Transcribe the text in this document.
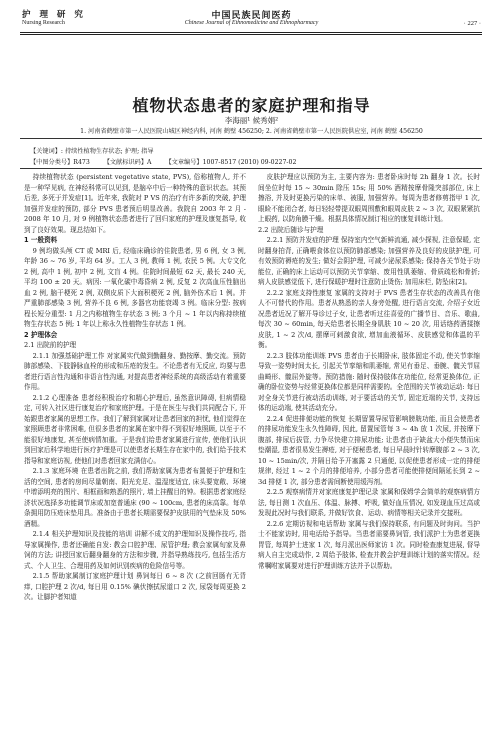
护 理 研 究
Nursing Research
中国民族民间医药
Chinese Journal of Ethnomedicine and Ethnopharmacy	· 227 ·
植物状态患者的家庭护理和指导
李海丽¹ 候秀娟²
1. 河南省鹤壁市第一人民医院山城区神经内科, 河南 鹤壁 456250; 2. 河南省鹤壁市第一人民医院供应室, 河南 鹤壁 456250
【关键词】: 持续性植物生存状态; 护理; 指导
【中图分类号】R473 【文献标识码】A 【文章编号】1007-8517 (2010) 09-0227-02

持续植物状态 (persistent vegetative state, PVS), 俗称植物人, 并不是一种罕见病, 在神经科常可以见到, 是脑卒中后一种特殊的意识状态。其预后差, 多死于并发症[1]。近年来, 我院对 P VS 的治疗有许多新的突破, 护理加强并发症的预防, 部分 PVS 患者预后明显改善。我院自 2003 年 2 月 - 2008 年 10 月, 对 9 例植物状态患者进行了回归家庭的护理及康复指导, 收到了良好效果。现总结如下。

1 一般资料

9 例均做头颅 CT 或 MRI 后, 经临床确诊的住院患者, 男 6 例, 女 3 例, 年龄 36 ~ 76 岁, 平均 64 岁。工人 3 例, 教师 1 例, 农民 5 例。大专文化 2 例, 高中 1 例, 初中 2 例, 文盲 4 例。住院时间最短 62 天, 最长 240 天, 平均 100 ± 20 天。病因: 一氧化碳中毒昏病 2 例, 反复 2 次高血压性脑出血 2 例, 脑干梗死 2 例, 双侧皮质下大面积梗死 2 例, 脑外伤术后 1 例。并严重肺部感染 3 例, 营养不良 6 例, 多器官功能衰竭 3 例。临床分型: 按病程长短分重型: 1 月之内称植物生存状态 3 例; 3 个月 ~ 1 年以内称持续植物生存状态 5 例; 1 年以上称永久性植物生存状态 1 例。

2 护理体会

2.1 出院前的护理

2.1.1 加强基础护理工作 对家属实代做到勤翻身、勤按摩、勤交流。预防肺部感染、下肢静脉血栓的形成和压疮的发生。不论患者有无反应, 均要与患者进行语言性沟通和非语言性沟通, 对提高患者神经系统的高级活动有着重要作用。

2.1.2 心理准备 患者经积极治疗和精心护理后, 虽然意识障碍, 但病情稳定, 可转入社区进行康复治疗和家庭护理。于是在医生与我们共同配合下, 开始跟患者家属的思想工作。我们了解到家属对让患者回家的担忧, 他们觉得在家照顾患者非常困难, 但很多患者的家属在家中得不到很好地照顾, 以至于不能很好地康复, 甚至使病情加重。于是我们给患者家属进行宣传, 使他们认识到回家后科学地进行医疗护理是可以使患者长期生存在家中的, 我们给予技术指导和家庭访视, 使他们对患者回家充满信心。

2.1.3 家庭环境 在患者出院之前, 我们帮助家属为患者布置便于护理和生活的空间, 患者的房间尽量朝南、阳光充足、温湿度适宜, 床头要宽敞、环境中增添明亮的图片、相框画和熟悉的照片, 墙上挂醒目的钟。根据患者家庭经济状况选择多功能调节床或加宽普通床 (90 ~ 100cm, 患者的床高靠。每单条拥用防压疮床垫用具。准备由于患者长期需要保护皮肤用的气垫床及 50% 酒精。

2.1.4 相关护理知识及技能的培训 讲解不成文的护理知识及操作技巧, 指导家属操作, 患者还确能自发: 教会口腔护理、尿管护理; 教会家属旬家及鼻饲的方法; 讲授回家后翻身翻身的方法和步骤, 并指导熟练技巧, 包括生活方式、个人卫生、合理用药及如何识别疾病的危险信号等。

2.1.5 帮助家属制订家庭护理计划 鼻饲每日 6 ~ 8 次 (之前回肠有无背痒, 口腔护理 2 次/d, 每日用 0.15% 碘伏擦拭尿道口 2 次, 尿袋每周更换 2 次。让脚护者知道

皮肤护理应以预防为主, 主要内容为: 患者卧床时每 2h 翻身 1 次。长时间坐位时每 15 ~ 30min 除压 15s; 用 50% 酒精按摩骨隆突部部位, 床上擦浴, 并及时更换污染的床单、被服, 加强营养。每周为患者修剪指甲 1 次, 眼睑不能闭合者, 每日轻轻带提双眼周围敷和眼周皮肤 2 ~ 3 次, 双眼紧紧抗上眼药, 以防角膜干燥。根据具体情况制订相应的康复训练计划。

2.2 出院后随诊与护理

2.2.1 预防并发症的护理 保持室内空气新鲜流通, 减少探视, 注意保暖, 定时翻身拍背, 正确喂食体位以预防肺部感染; 加强营养及良好的皮肤护理, 可有效预防褥疮的发生; 做好会阴护理, 可减少泌尿系感染; 保持各关节处于功能位, 正确的床上运动可以预防关节挛缩、废用性肌萎缩、骨质疏松和骨折; 病人皮肤感觉低下, 进行保暖护理时注意防止烫伤; 加用床栏, 防坠床[2]。

2.2.2 家庭支持性康复 家属的支持对于 PVS 患者生存状态的改善具有他人不可替代的作用。患者从熟悉的亲人身旁处醒, 进行语言交流, 介绍子女近况患者近况了解开导诊过子女, 让患者听过往喜爱的广播节目、音乐、歌曲, 每次 30 ~ 60min, 每天给患者长期全身肌肤 10 ~ 20 次, 用话络药酒揉擦皮肤, 1 ~ 2 次/d, 摆摩可刺激食欲, 增加血液循环、皮肤感觉和体温的平衡。

2.2.3 肢体功能训练 PVS 患者由于长期卧床, 肢体固定不动, 使关节挛缩导致一姿势时间太长, 引起关节挛缩和肌萎缩, 常见有垂足、垂腕、髋关节屈曲畸形、髋屈外旋等。预防措施: 随时保持肢体在功能位, 经常更换体位, 正确的卧位姿势与经常更换体位都是同样需要的。全范围的关节被动运动: 每日对全身关节进行被动活动训练, 对于要活动的关节, 固定近端的关节, 支持远体的运动端, 使其活动充分。

2.2.4 促进排便功能的恢复 长期留置导尿管影响膀胱功能, 而且会使患者的排尿功能发生永久性障碍, 因此, 留置尿管每 3 ~ 4h 放 1 次尿, 并按摩下腹部, 排尿后拔管, 力争尽快建立排尿功能; 让患者由于缺盆大小便失禁而床垫潮湿, 患者很易发生褥疮, 对于便秘患者, 每日早晨时针转摩腹部 2 ~ 3 次, 10 ~ 15min/次, 并隔日给予开塞露 2 只通便, 以促使患者形成一定的排便规律, 经过 1 ~ 2 个月的排便培养, 小部分患者可能使排便间隔延长到 2 ~ 3d 排便 1 次, 部分患者需间断使用缓泻剂。

2.2.5 观察病情并对家庭康复护理记录 家属和保姆学会简单的观察病情方法, 每日测 1 次血压、体温、脉搏、呼吸, 做好血压情况, 如发现血压过高或发现此况时与我们联系, 并做好饮食、运动、病情等相关记录并交接班。

2.2.6 定期访视和电话帮助 家属与我们保持联系, 有问题及时询问。当护士不能家访时, 用电话给予指导。当患者需要鼻饲管, 我们派护士为患者更换胃管, 每周护士进家 1 次, 每月派出医师家访 1 次。同时检查康复进展, 督导病人自主完成动作, 2 周给予肢体, 检查并教会护理训练计划的落实情况。经常嘱咐家属要对进行护理训练方法并予以帮助。
